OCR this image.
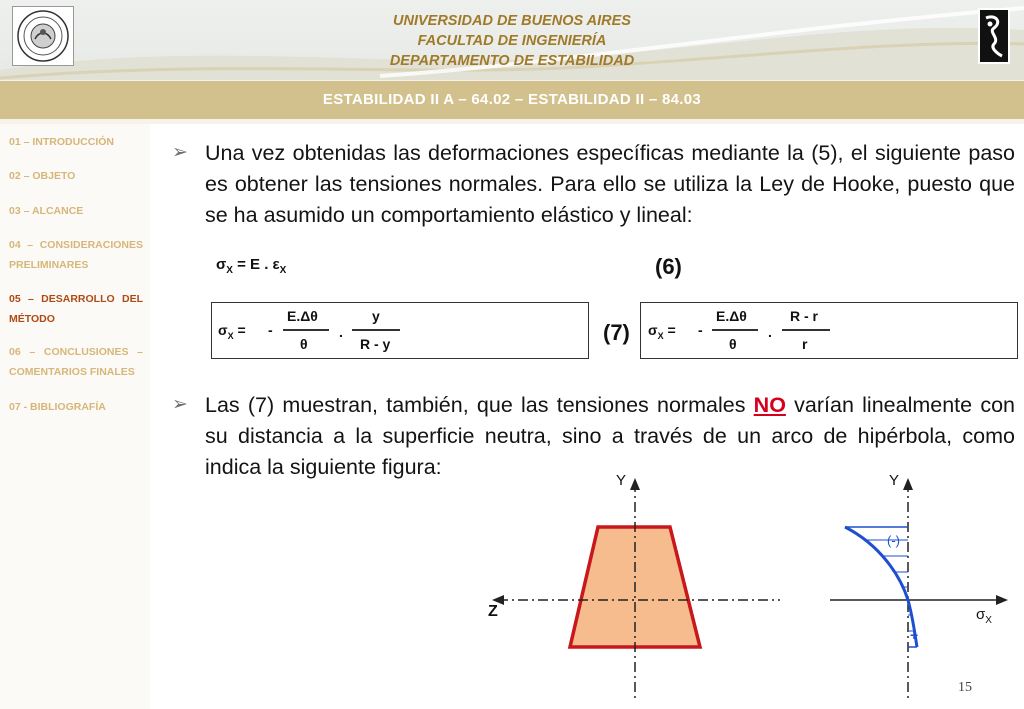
UNIVERSIDAD DE BUENOS AIRES
FACULTAD DE INGENIERÍA
DEPARTAMENTO DE ESTABILIDAD
ESTABILIDAD II A – 64.02 – ESTABILIDAD II – 84.03
01 – INTRODUCCIÓN
02 – OBJETO
03 – ALCANCE
04 – CONSIDERACIONES PRELIMINARES
05 – DESARROLLO DEL MÉTODO
06 – CONCLUSIONES – COMENTARIOS FINALES
07 - BIBLIOGRAFÍA
➢ Una vez obtenidas las deformaciones específicas mediante la (5), el siguiente paso es obtener las tensiones normales. Para ello se utiliza la Ley de Hooke, puesto que se ha asumido un comportamiento elástico y lineal:
$\sigma_X = E$ . $\varepsilon_X$	(6)
$\sigma_X$ = -
E.Δθ
θ
.
y
R - y	(7) $\sigma_X$ = -
E.Δθ
θ
.
R - r
r
➢ Las (7) muestran, también, que las tensiones normales NO varían linealmente con su distancia a la superficie neutra, sino a través de un arco de hipérbola, como indica la siguiente figura:
Y
Z
Y
$\sigma_X$
(-)
+
15
